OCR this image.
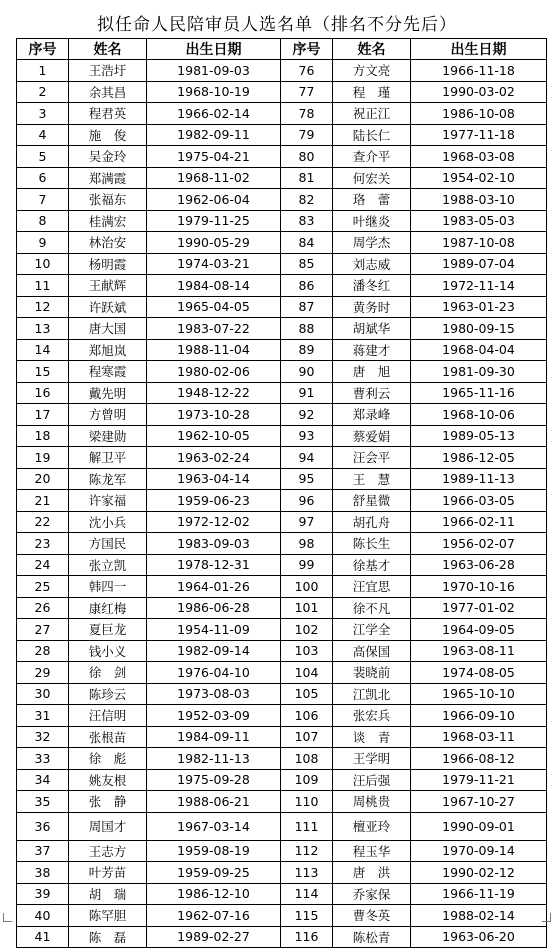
拟任命人民陪审员人选名单（排名不分先后）
序号	姓名	出生日期	序号	姓名	出生日期
1	王浩圩	1981-09-03	76	方文亮	1966-11-18
2	余其昌	1968-10-19	77	程　瑾	1990-03-02
3	程君英	1966-02-14	78	祝正江	1986-10-08
4	施　俊	1982-09-11	79	陆长仁	1977-11-18
5	吴金玲	1975-04-21	80	查介平	1968-03-08
6	郑满霞	1968-11-02	81	何宏关	1954-02-10
7	张福东	1962-06-04	82	珞　蕾	1988-03-10
8	桂满宏	1979-11-25	83	叶继炎	1983-05-03
9	林治安	1990-05-29	84	周学杰	1987-10-08
10	杨明霞	1974-03-21	85	刘志威	1989-07-04
11	王献辉	1984-08-14	86	潘冬红	1972-11-14
12	许跃斌	1965-04-05	87	黄务时	1963-01-23
13	唐大国	1983-07-22	88	胡斌华	1980-09-15
14	郑旭岚	1988-11-04	89	蒋建才	1968-04-04
15	程寒霞	1980-02-06	90	唐　旭	1981-09-30
16	戴先明	1948-12-22	91	曹利云	1965-11-16
17	方曾明	1973-10-28	92	郑录峰	1968-10-06
18	梁建勋	1962-10-05	93	蔡爱娟	1989-05-13
19	解卫平	1963-02-24	94	汪会平	1986-12-05
20	陈龙军	1963-04-14	95	王　慧	1989-11-13
21	许家福	1959-06-23	96	舒星微	1966-03-05
22	沈小兵	1972-12-02	97	胡孔舟	1966-02-11
23	方国民	1983-09-03	98	陈长生	1956-02-07
24	张立凯	1978-12-31	99	徐基才	1963-06-28
25	韩四一	1964-01-26	100	汪宜思	1970-10-16
26	康红梅	1986-06-28	101	徐不凡	1977-01-02
27	夏巨龙	1954-11-09	102	江学全	1964-09-05
28	钱小义	1982-09-14	103	高保国	1963-08-11
29	徐　剑	1976-04-10	104	裴晓前	1974-08-05
30	陈珍云	1973-08-03	105	江凯北	1965-10-10
31	汪信明	1952-03-09	106	张宏兵	1966-09-10
32	张根苗	1984-09-11	107	谈　青	1968-03-11
33	徐　彪	1982-11-13	108	王学明	1966-08-12
34	姚友根	1975-09-28	109	汪后强	1979-11-21
35	张　静	1988-06-21	110	周桃贵	1967-10-27
36	周国才	1967-03-14	111	檀亚玲	1990-09-01
37	王志方	1959-08-19	112	程玉华	1970-09-14
38	叶芳苗	1959-09-25	113	唐　洪	1990-02-12
39	胡　瑞	1986-12-10	114	乔家保	1966-11-19
40	陈罕胆	1962-07-16	115	曹冬英	1988-02-14
41	陈　磊	1989-02-27	116	陈松青	1963-06-20
